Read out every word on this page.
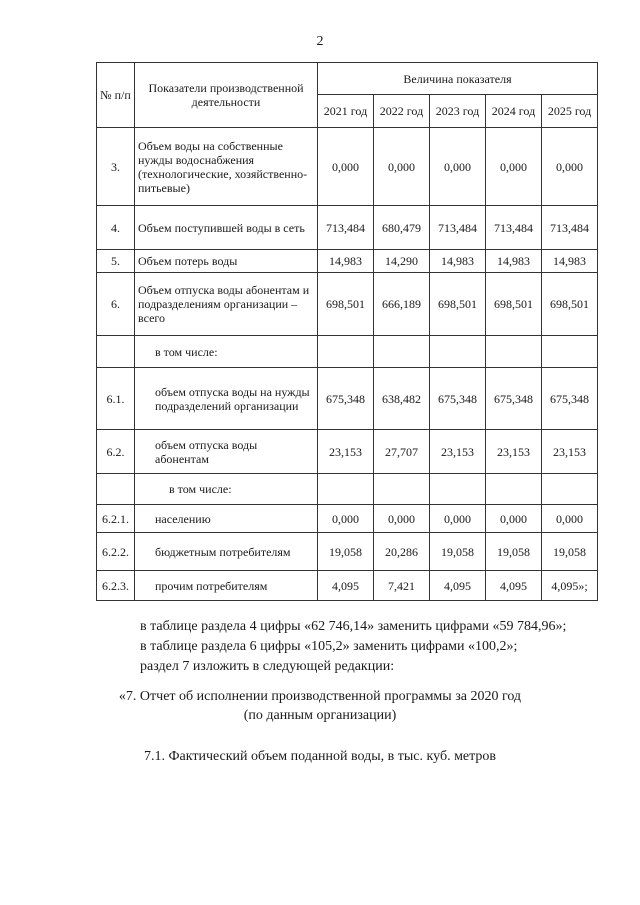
2
№ п/п	Показатели производственной деятельности	Величина показателя				
		2021 год	2022 год	2023 год	2024 год	2025 год
3.	Объем воды на собственные нужды водоснабжения (технологические, хозяйственно-питьевые)	0,000	0,000	0,000	0,000	0,000
4.	Объем поступившей воды в сеть	713,484	680,479	713,484	713,484	713,484
5.	Объем потерь воды	14,983	14,290	14,983	14,983	14,983
6.	Объем отпуска воды абонентам и подразделениям организации – всего	698,501	666,189	698,501	698,501	698,501
	в том числе:					
6.1.	объем отпуска воды на нужды подразделений организации	675,348	638,482	675,348	675,348	675,348
6.2.	объем отпуска воды абонентам	23,153	27,707	23,153	23,153	23,153
	в том числе:					
6.2.1.	населению	0,000	0,000	0,000	0,000	0,000
6.2.2.	бюджетным потребителям	19,058	20,286	19,058	19,058	19,058
6.2.3.	прочим потребителям	4,095	7,421	4,095	4,095	4,095»;
в таблице раздела 4 цифры «62 746,14» заменить цифрами «59 784,96»;
в таблице раздела 6 цифры «105,2» заменить цифрами «100,2»;
раздел 7 изложить в следующей редакции:
«7. Отчет об исполнении производственной программы за 2020 год
(по данным организации)
7.1. Фактический объем поданной воды, в тыс. куб. метров
